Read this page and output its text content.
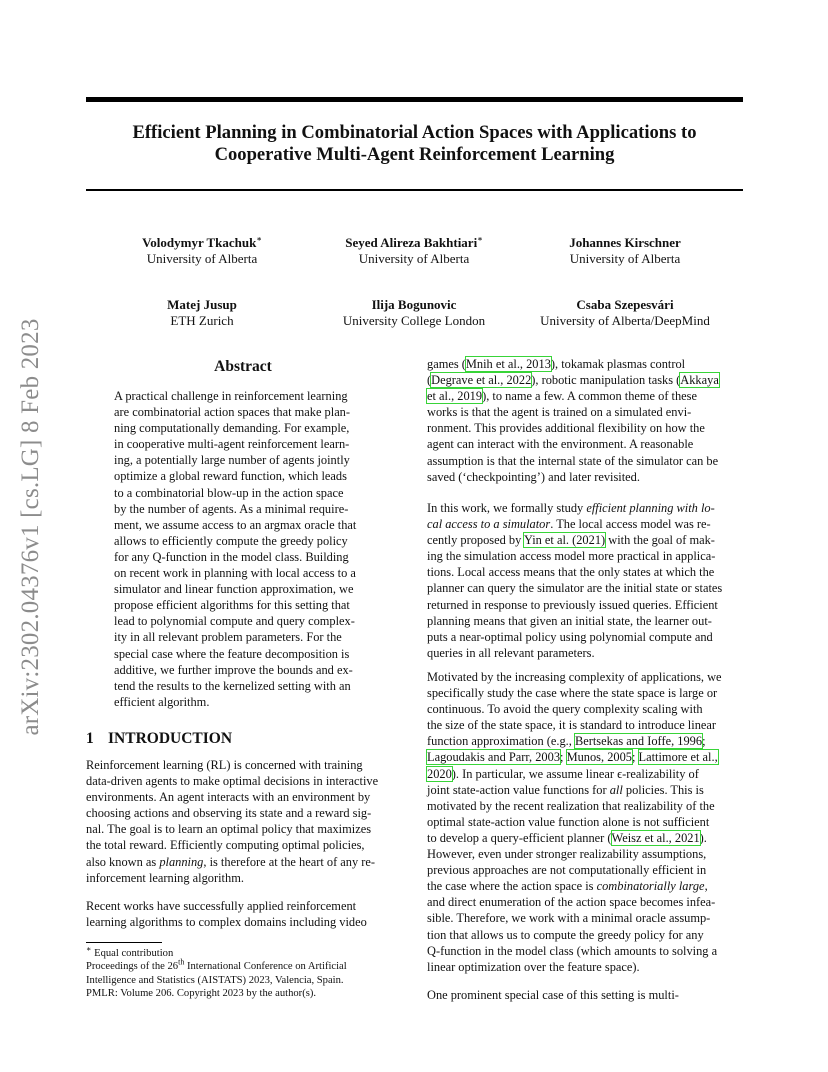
Efficient Planning in Combinatorial Action Spaces with Applications to
Cooperative Multi-Agent Reinforcement Learning
Volodymyr Tkachuk∗
University of Alberta
Seyed Alireza Bakhtiari∗
University of Alberta
Johannes Kirschner
University of Alberta
Matej Jusup
ETH Zurich
Ilija Bogunovic
University College London
Csaba Szepesvári
University of Alberta/DeepMind
arXiv:2302.04376v1 [cs.LG] 8 Feb 2023	Abstract
A practical challenge in reinforcement learning
are combinatorial action spaces that make plan-
ning computationally demanding. For example,
in cooperative multi-agent reinforcement learn-
ing, a potentially large number of agents jointly
optimize a global reward function, which leads
to a combinatorial blow-up in the action space
by the number of agents. As a minimal require-
ment, we assume access to an argmax oracle that
allows to efficiently compute the greedy policy
for any Q-function in the model class. Building
on recent work in planning with local access to a
simulator and linear function approximation, we
propose efficient algorithms for this setting that
lead to polynomial compute and query complex-
ity in all relevant problem parameters. For the
special case where the feature decomposition is
additive, we further improve the bounds and ex-
tend the results to the kernelized setting with an
efficient algorithm.
1 INTRODUCTION
Reinforcement learning (RL) is concerned with training
data-driven agents to make optimal decisions in interactive
environments. An agent interacts with an environment by
choosing actions and observing its state and a reward sig-
nal. The goal is to learn an optimal policy that maximizes
the total reward. Efficiently computing optimal policies,
also known as planning, is therefore at the heart of any re-
inforcement learning algorithm.
Recent works have successfully applied reinforcement
learning algorithms to complex domains including video
∗ Equal contribution
Proceedings of the 26th International Conference on Artificial
Intelligence and Statistics (AISTATS) 2023, Valencia, Spain.
PMLR: Volume 206. Copyright 2023 by the author(s).
games (Mnih et al., 2013), tokamak plasmas control
(Degrave et al., 2022), robotic manipulation tasks (Akkaya
et al., 2019), to name a few. A common theme of these
works is that the agent is trained on a simulated envi-
ronment. This provides additional flexibility on how the
agent can interact with the environment. A reasonable
assumption is that the internal state of the simulator can be
saved (‘checkpointing’) and later revisited.
In this work, we formally study efficient planning with lo-
cal access to a simulator. The local access model was re-
cently proposed by Yin et al. (2021) with the goal of mak-
ing the simulation access model more practical in applica-
tions. Local access means that the only states at which the
planner can query the simulator are the initial state or states
returned in response to previously issued queries. Efficient
planning means that given an initial state, the learner out-
puts a near-optimal policy using polynomial compute and
queries in all relevant parameters.
Motivated by the increasing complexity of applications, we
specifically study the case where the state space is large or
continuous. To avoid the query complexity scaling with
the size of the state space, it is standard to introduce linear
function approximation (e.g., Bertsekas and Ioffe, 1996;
Lagoudakis and Parr, 2003; Munos, 2005; Lattimore et al.,
2020). In particular, we assume linear ϵ-realizability of
joint state-action value functions for all policies. This is
motivated by the recent realization that realizability of the
optimal state-action value function alone is not sufficient
to develop a query-efficient planner (Weisz et al., 2021).
However, even under stronger realizability assumptions,
previous approaches are not computationally efficient in
the case where the action space is combinatorially large,
and direct enumeration of the action space becomes infea-
sible. Therefore, we work with a minimal oracle assump-
tion that allows us to compute the greedy policy for any
Q-function in the model class (which amounts to solving a
linear optimization over the feature space).
One prominent special case of this setting is multi-
